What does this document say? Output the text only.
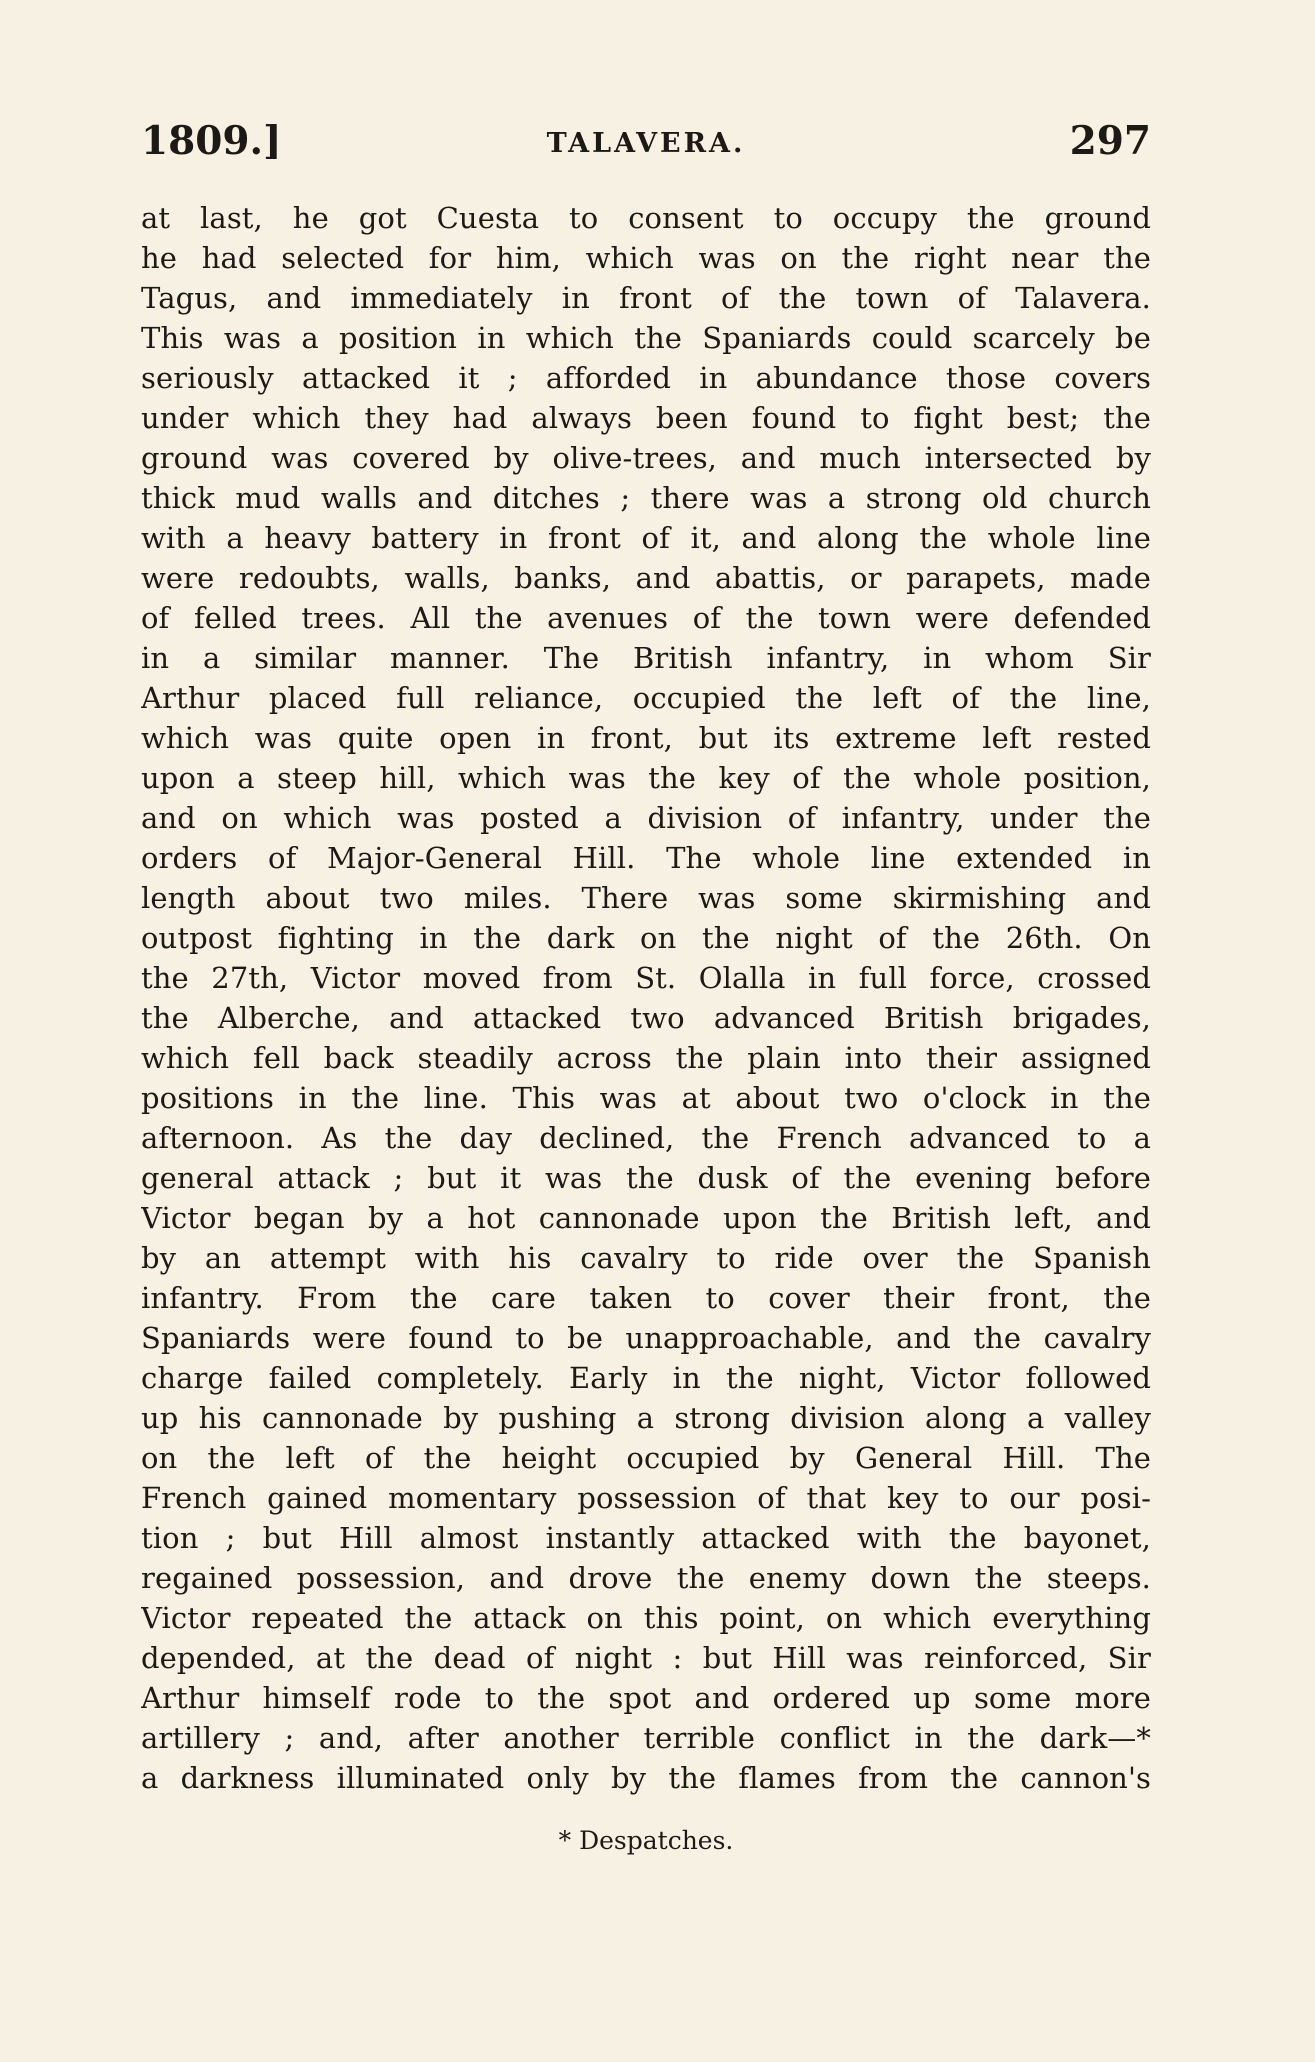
1809.]	TALAVERA.	297
at last, he got Cuesta to consent to occupy the ground
he had selected for him, which was on the right near the
Tagus, and immediately in front of the town of Talavera.
This was a position in which the Spaniards could scarcely be
seriously attacked it ; afforded in abundance those covers
under which they had always been found to fight best; the
ground was covered by olive-trees, and much intersected by
thick mud walls and ditches ; there was a strong old church
with a heavy battery in front of it, and along the whole line
were redoubts, walls, banks, and abattis, or parapets, made
of felled trees. All the avenues of the town were defended
in a similar manner. The British infantry, in whom Sir
Arthur placed full reliance, occupied the left of the line,
which was quite open in front, but its extreme left rested
upon a steep hill, which was the key of the whole position,
and on which was posted a division of infantry, under the
orders of Major-General Hill. The whole line extended in
length about two miles. There was some skirmishing and
outpost fighting in the dark on the night of the 26th. On
the 27th, Victor moved from St. Olalla in full force, crossed
the Alberche, and attacked two advanced British brigades,
which fell back steadily across the plain into their assigned
positions in the line. This was at about two o'clock in the
afternoon. As the day declined, the French advanced to a
general attack ; but it was the dusk of the evening before
Victor began by a hot cannonade upon the British left, and
by an attempt with his cavalry to ride over the Spanish
infantry. From the care taken to cover their front, the
Spaniards were found to be unapproachable, and the cavalry
charge failed completely. Early in the night, Victor followed
up his cannonade by pushing a strong division along a valley
on the left of the height occupied by General Hill. The
French gained momentary possession of that key to our posi-
tion ; but Hill almost instantly attacked with the bayonet,
regained possession, and drove the enemy down the steeps.
Victor repeated the attack on this point, on which everything
depended, at the dead of night : but Hill was reinforced, Sir
Arthur himself rode to the spot and ordered up some more
artillery ; and, after another terrible conflict in the dark—*
a darkness illuminated only by the flames from the cannon's
* Despatches.
